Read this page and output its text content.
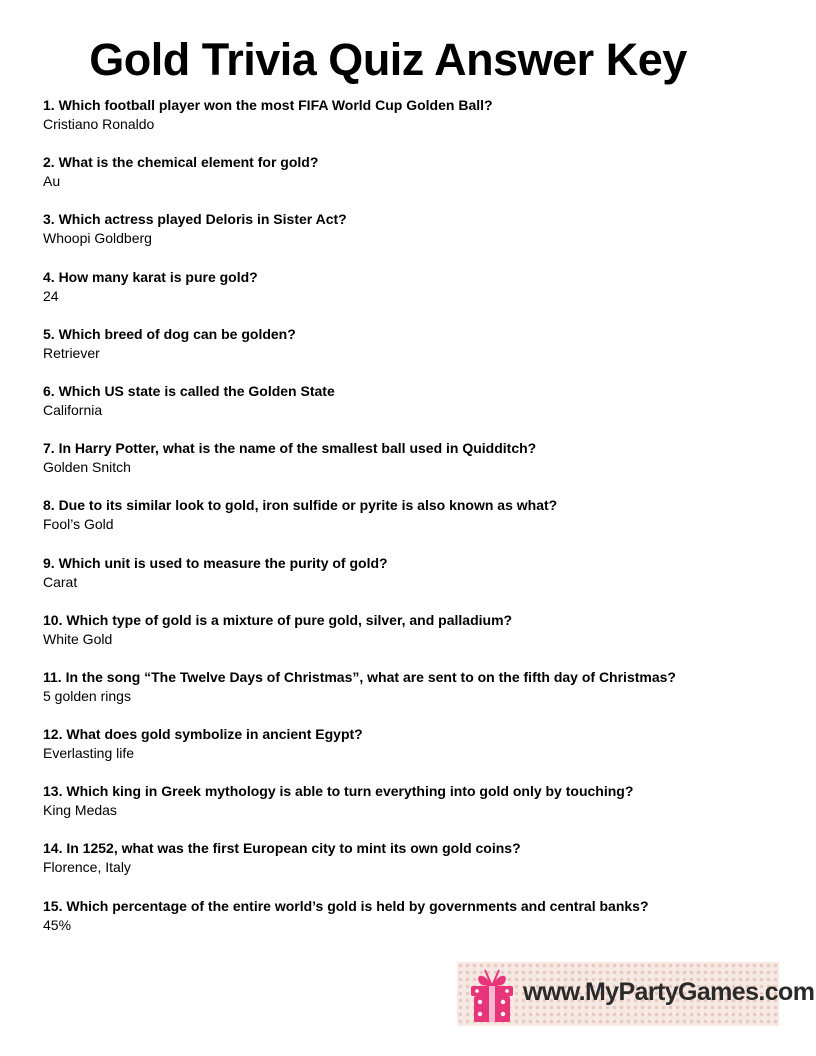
Gold Trivia Quiz Answer Key
1. Which football player won the most FIFA World Cup Golden Ball?
Cristiano Ronaldo
2. What is the chemical element for gold?
Au
3. Which actress played Deloris in Sister Act?
Whoopi Goldberg
4. How many karat is pure gold?
24
5. Which breed of dog can be golden?
Retriever
6. Which US state is called the Golden State
California
7. In Harry Potter, what is the name of the smallest ball used in Quidditch?
Golden Snitch
8. Due to its similar look to gold, iron sulfide or pyrite is also known as what?
Fool’s Gold
9. Which unit is used to measure the purity of gold?
Carat
10. Which type of gold is a mixture of pure gold, silver, and palladium?
White Gold
11. In the song “The Twelve Days of Christmas”, what are sent to on the fifth day of Christmas?
5 golden rings
12. What does gold symbolize in ancient Egypt?
Everlasting life
13. Which king in Greek mythology is able to turn everything into gold only by touching?
King Medas
14. In 1252, what was the first European city to mint its own gold coins?
Florence, Italy
15. Which percentage of the entire world’s gold is held by governments and central banks?
45%
www.MyPartyGames.com
